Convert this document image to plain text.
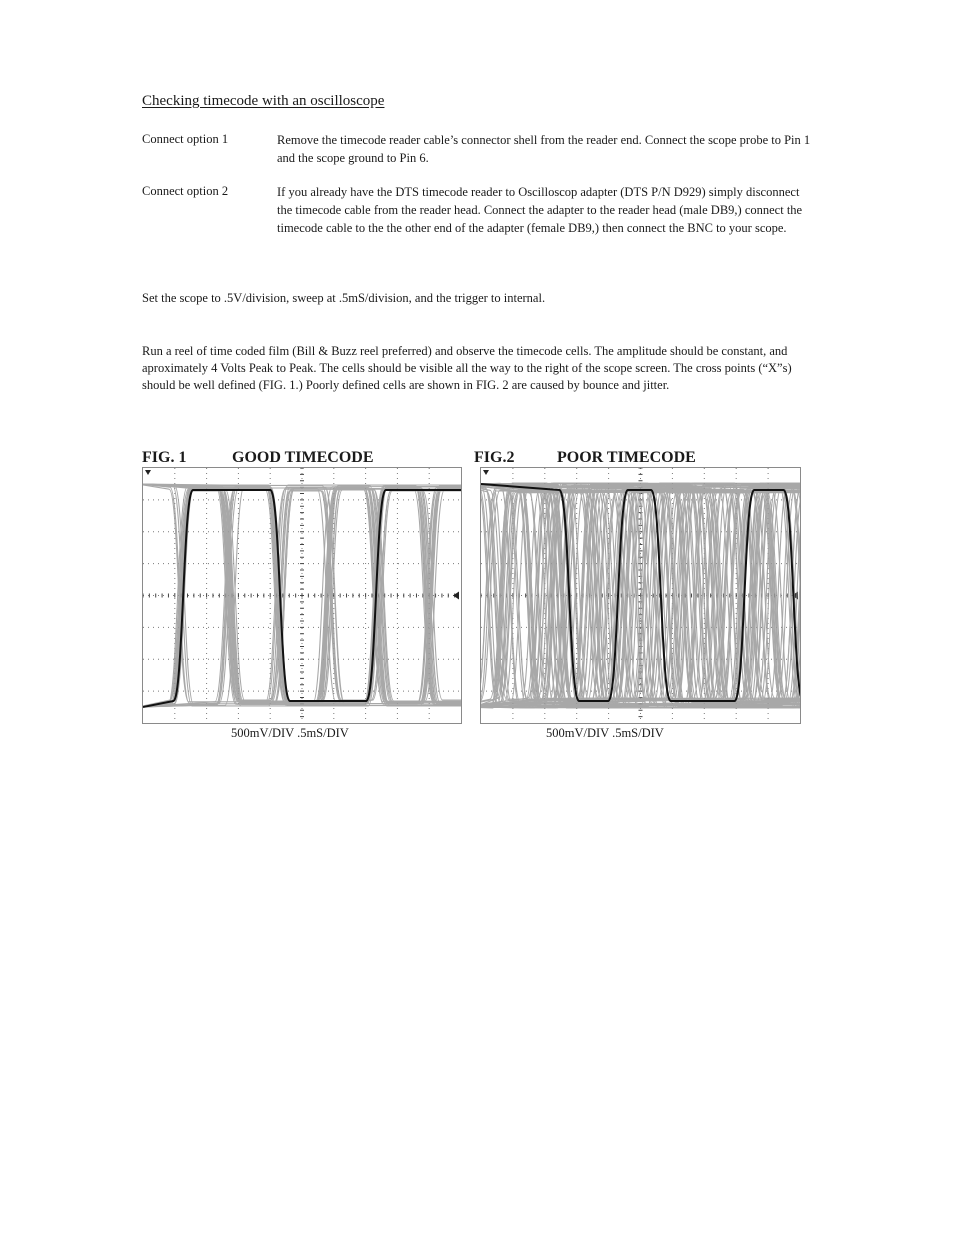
Checking timecode with an oscilloscope
Connect option 1	Remove the timecode reader cable’s connector shell from the reader end. Connect the scope probe to Pin 1 and the scope ground to Pin 6.
Connect option 2	If you already have the DTS timecode reader to Oscilloscop adapter (DTS P/N D929) simply disconnect the timecode cable from the reader head. Connect the adapter to the reader head (male DB9,) connect the timecode cable to the the other end of the adapter (female DB9,) then connect the BNC to your scope.
Set the scope to .5V/division, sweep at .5mS/division, and the trigger to internal.
Run a reel of time coded film (Bill & Buzz reel preferred) and observe the timecode cells. The amplitude should be constant, and aproximately 4 Volts Peak to Peak. The cells should be visible all the way to the right of the scope screen. The cross points (“X”s) should be well defined (FIG. 1.) Poorly defined cells are shown in FIG. 2 are caused by bounce and jitter.
FIG. 1	GOOD TIMECODE
500mV/DIV .5mS/DIV
FIG.2	POOR TIMECODE
500mV/DIV .5mS/DIV
